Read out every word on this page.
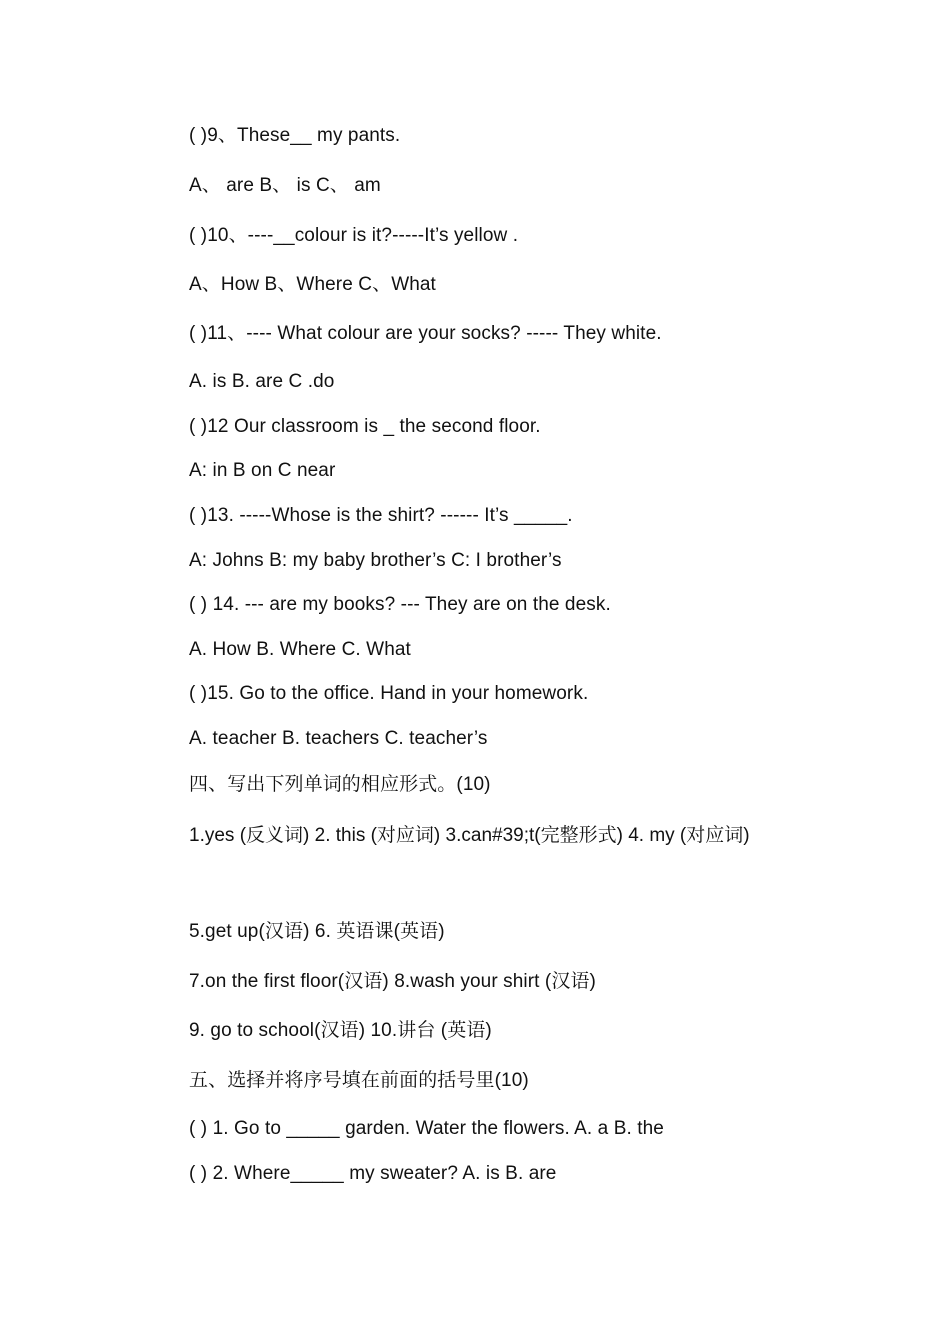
( )9、These__ my pants.
A、 are B、 is C、 am
( )10、----__colour is it?-----It’s yellow .
A、How B、Where C、What
( )11、---- What colour are your socks? ----- They white.
A. is B. are C .do
( )12 Our classroom is _ the second floor.
A: in B on C near
( )13. -----Whose is the shirt? ------ It’s _____.
A: Johns B: my baby brother’s C: I brother’s
( ) 14. --- are my books? --- They are on the desk.
A. How B. Where C. What
( )15. Go to the office. Hand in your homework.
A. teacher B. teachers C. teacher’s
四、写出下列单词的相应形式。(10)
1.yes (反义词) 2. this (对应词) 3.can#39;t(完整形式) 4. my (对应词)
5.get up(汉语) 6. 英语课(英语)
7.on the first floor(汉语) 8.wash your shirt (汉语)
9. go to school(汉语) 10.讲台 (英语)
五、选择并将序号填在前面的括号里(10)
( ) 1. Go to _____ garden. Water the flowers. A. a B. the
( ) 2. Where_____ my sweater? A. is B. are
